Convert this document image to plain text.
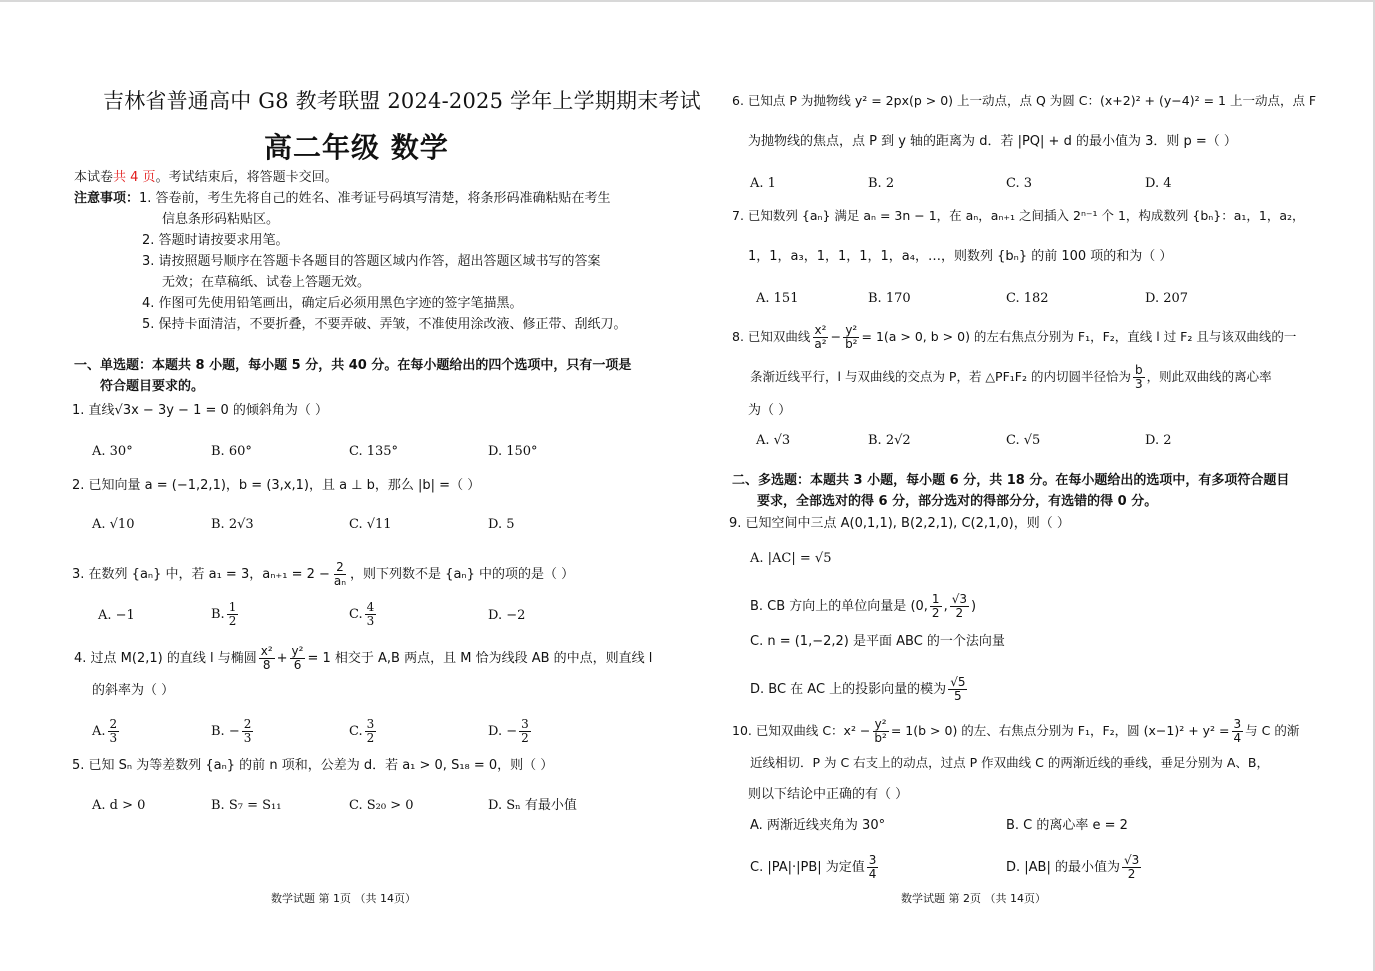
吉林省普通高中 G8 教考联盟 2024-2025 学年上学期期末考试
高二年级 数学
本试卷共 4 页。考试结束后，将答题卡交回。
注意事项：1. 答卷前，考生先将自己的姓名、准考证号码填写清楚，将条形码准确粘贴在考生
信息条形码粘贴区。
2. 答题时请按要求用笔。
3. 请按照题号顺序在答题卡各题目的答题区域内作答，超出答题区域书写的答案
无效；在草稿纸、试卷上答题无效。
4. 作图可先使用铅笔画出，确定后必须用黑色字迹的签字笔描黑。
5. 保持卡面清洁，不要折叠，不要弄破、弄皱，不准使用涂改液、修正带、刮纸刀。
一、单选题：本题共 8 小题，每小题 5 分，共 40 分。在每小题给出的四个选项中，只有一项是
符合题目要求的。
1. 直线√3x − 3y − 1 = 0 的倾斜角为（ ）
A. 30°	B. 60°	C. 135°	D. 150°
2. 已知向量 a = (−1,2,1)，b = (3,x,1)，且 a ⊥ b，那么 |b| =（ ）
A. √10	B. 2√3	C. √11	D. 5
3. 在数列 {aₙ} 中，若 a₁ = 3，$a_{n+1} = 2 - \frac{2}{\text{aₙ}}$ ，则下列数不是 {aₙ} 中的项的是（ ）
A. −1	B. $\frac{1}{2}$	C. $\frac{4}{3}$	D. −2
4. 过点 M(2,1) 的直线 l 与椭圆 $\frac{\text{x²}}{8} + \frac{\text{y²}}{6} = 1$ 相交于 A,B 两点，且 M 恰为线段 AB 的中点，则直线 l
的斜率为（ ）
A. $\frac{2}{3}$	B. − $\frac{2}{3}$	C. $\frac{3}{2}$	D. − $\frac{3}{2}$
5. 已知 Sₙ 为等差数列 {aₙ} 的前 n 项和，公差为 d．若 a₁ > 0, S₁₈ = 0，则（ ）
A. d > 0	B. S₇ = S₁₁	C. S₂₀ > 0	D. Sₙ 有最小值
数学试题 第 1页 （共 14页）
6. 已知点 P 为抛物线 y² = 2px(p > 0) 上一动点，点 Q 为圆 C：(x+2)² + (y−4)² = 1 上一动点，点 F
为抛物线的焦点，点 P 到 y 轴的距离为 d．若 |PQ| + d 的最小值为 3．则 p =（ ）
A. 1	B. 2	C. 3	D. 4
7. 已知数列 {aₙ} 满足 aₙ = 3n − 1，在 aₙ，aₙ₊₁ 之间插入 2ⁿ⁻¹ 个 1，构成数列 {bₙ}：a₁，1，a₂，
1，1，a₃，1，1，1，1，a₄，…，则数列 {bₙ} 的前 100 项的和为（ ）
A. 151	B. 170	C. 182	D. 207
8. 已知双曲线 $\frac{\text{x²}}{\text{a²}} - \frac{\text{y²}}{\text{b²}} = 1(a > 0$, b > 0) 的左右焦点分别为 F₁，F₂，直线 l 过 F₂ 且与该双曲线的一
条渐近线平行，l 与双曲线的交点为 P，若 △PF₁F₂ 的内切圆半径恰为 $\frac{b}{3}$ ，则此双曲线的离心率
为（ ）
A. √3	B. 2√2	C. √5	D. 2
二、多选题：本题共 3 小题，每小题 6 分，共 18 分。在每小题给出的选项中，有多项符合题目
要求，全部选对的得 6 分，部分选对的得部分分，有选错的得 0 分。
9. 已知空间中三点 A(0,1,1), B(2,2,1), C(2,1,0)，则（ ）
A. |AC| = √5
B. CB 方向上的单位向量是 (0, $\frac{1}{2}$ , $\frac{√3}{2}$ )
C. n = (1,−2,2) 是平面 ABC 的一个法向量
D. BC 在 AC 上的投影向量的模为 $\frac{√5}{5}$
10. 已知双曲线 C：$x^2 - \frac{\text{y²}}{\text{b²}} = 1(b > 0)$ 的左、右焦点分别为 F₁，F₂，圆 $(x-1)^2 + y^2 = \frac{3}{4}$ 与 C 的渐
近线相切．P 为 C 右支上的动点，过点 P 作双曲线 C 的两渐近线的垂线，垂足分别为 A、B，
则以下结论中正确的有（ ）
A. 两渐近线夹角为 30°	B. C 的离心率 e = 2
C. |PA|·|PB| 为定值 $\frac{3}{4}$	D. |AB| 的最小值为 $\frac{√3}{2}$
数学试题 第 2页 （共 14页）
